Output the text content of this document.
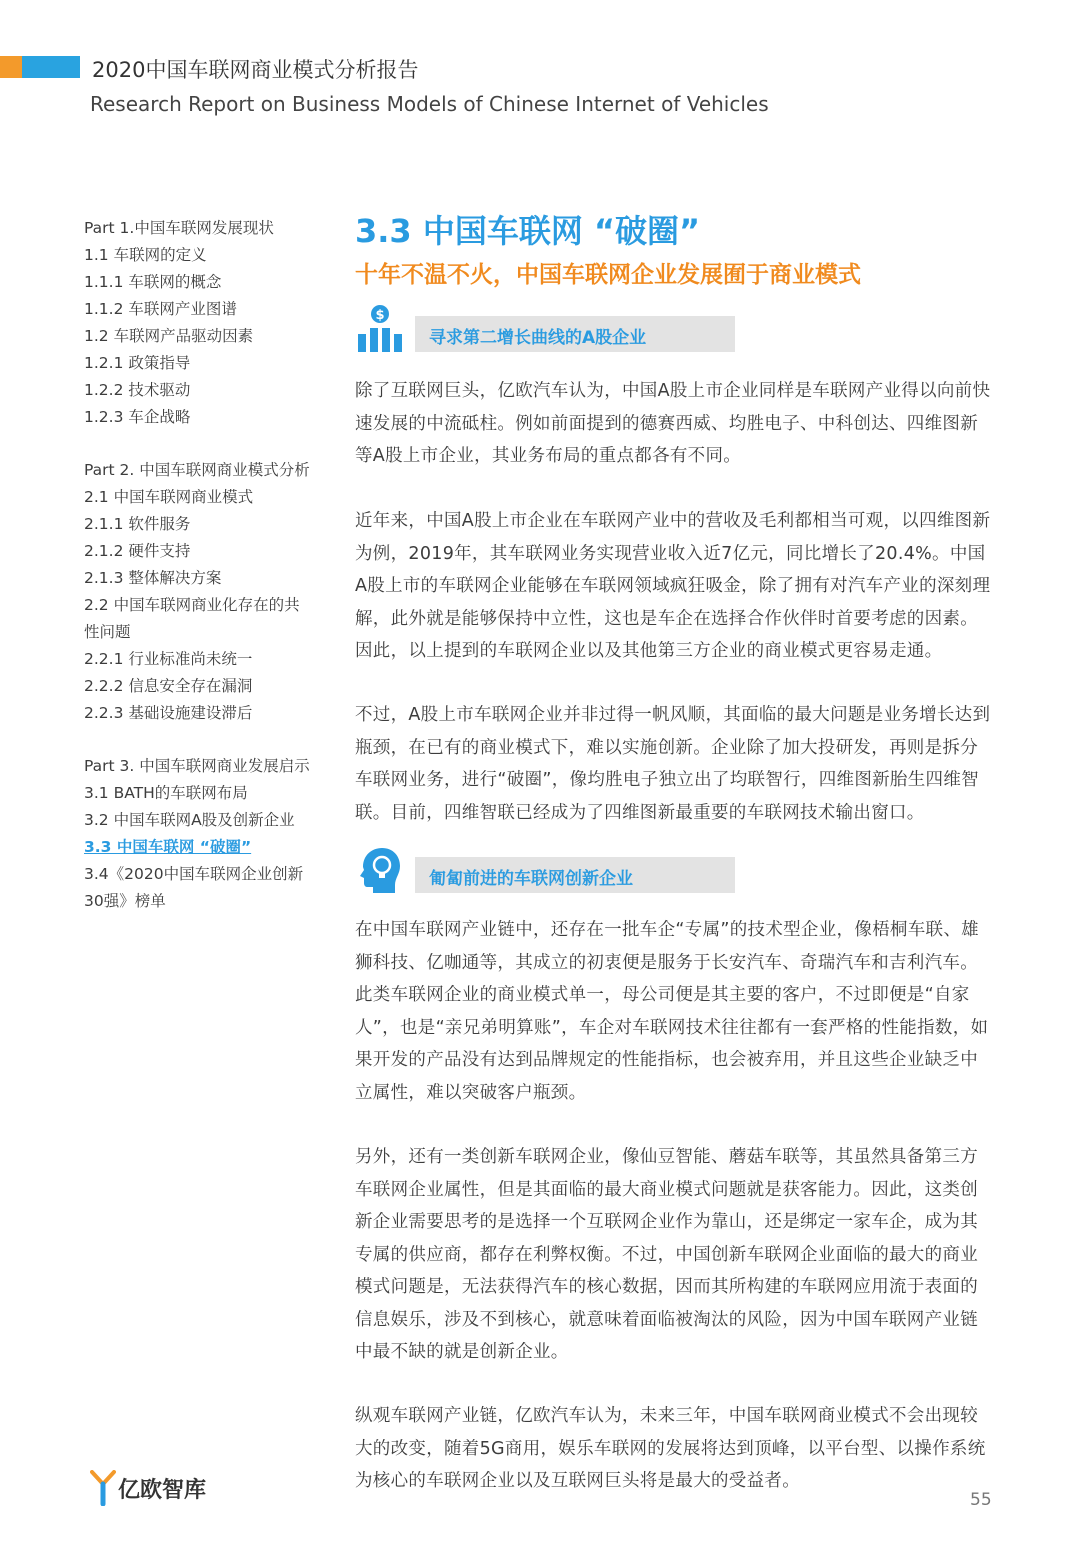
2020中国车联网商业模式分析报告
Research Report on Business Models of Chinese Internet of Vehicles
Part 1.中国车联网发展现状
1.1 车联网的定义
1.1.1 车联网的概念
1.1.2 车联网产业图谱
1.2 车联网产品驱动因素
1.2.1 政策指导
1.2.2 技术驱动
1.2.3 车企战略
Part 2. 中国车联网商业模式分析
2.1 中国车联网商业模式
2.1.1 软件服务
2.1.2 硬件支持
2.1.3 整体解决方案
2.2 中国车联网商业化存在的共
性问题
2.2.1 行业标准尚未统一
2.2.2 信息安全存在漏洞
2.2.3 基础设施建设滞后
Part 3. 中国车联网商业发展启示
3.1 BATH的车联网布局
3.2 中国车联网A股及创新企业
3.3 中国车联网 “破圈”
3.4《2020中国车联网企业创新
30强》榜单
3.3 中国车联网 “破圈”
十年不温不火，中国车联网企业发展囿于商业模式
$
寻求第二增长曲线的A股企业
除了互联网巨头，亿欧汽车认为，中国A股上市企业同样是车联网产业得以向前快速发展的中流砥柱。例如前面提到的德赛西威、均胜电子、中科创达、四维图新等A股上市企业，其业务布局的重点都各有不同。
近年来，中国A股上市企业在车联网产业中的营收及毛利都相当可观，以四维图新为例，2019年，其车联网业务实现营业收入近7亿元，同比增长了20.4%。中国A股上市的车联网企业能够在车联网领域疯狂吸金，除了拥有对汽车产业的深刻理解，此外就是能够保持中立性，这也是车企在选择合作伙伴时首要考虑的因素。因此，以上提到的车联网企业以及其他第三方企业的商业模式更容易走通。
不过，A股上市车联网企业并非过得一帆风顺，其面临的最大问题是业务增长达到瓶颈，在已有的商业模式下，难以实施创新。企业除了加大投研发，再则是拆分车联网业务，进行“破圈”，像均胜电子独立出了均联智行，四维图新胎生四维智联。目前，四维智联已经成为了四维图新最重要的车联网技术输出窗口。
匍匐前进的车联网创新企业
在中国车联网产业链中，还存在一批车企“专属”的技术型企业，像梧桐车联、雄狮科技、亿咖通等，其成立的初衷便是服务于长安汽车、奇瑞汽车和吉利汽车。此类车联网企业的商业模式单一，母公司便是其主要的客户，不过即便是“自家人”，也是“亲兄弟明算账”，车企对车联网技术往往都有一套严格的性能指数，如果开发的产品没有达到品牌规定的性能指标，也会被弃用，并且这些企业缺乏中立属性，难以突破客户瓶颈。
另外，还有一类创新车联网企业，像仙豆智能、蘑菇车联等，其虽然具备第三方车联网企业属性，但是其面临的最大商业模式问题就是获客能力。因此，这类创新企业需要思考的是选择一个互联网企业作为靠山，还是绑定一家车企，成为其专属的供应商，都存在利弊权衡。不过，中国创新车联网企业面临的最大的商业模式问题是，无法获得汽车的核心数据，因而其所构建的车联网应用流于表面的信息娱乐，涉及不到核心，就意味着面临被淘汰的风险，因为中国车联网产业链中最不缺的就是创新企业。
纵观车联网产业链，亿欧汽车认为，未来三年，中国车联网商业模式不会出现较大的改变，随着5G商用，娱乐车联网的发展将达到顶峰，以平台型、以操作系统为核心的车联网企业以及互联网巨头将是最大的受益者。
亿欧智库	55
